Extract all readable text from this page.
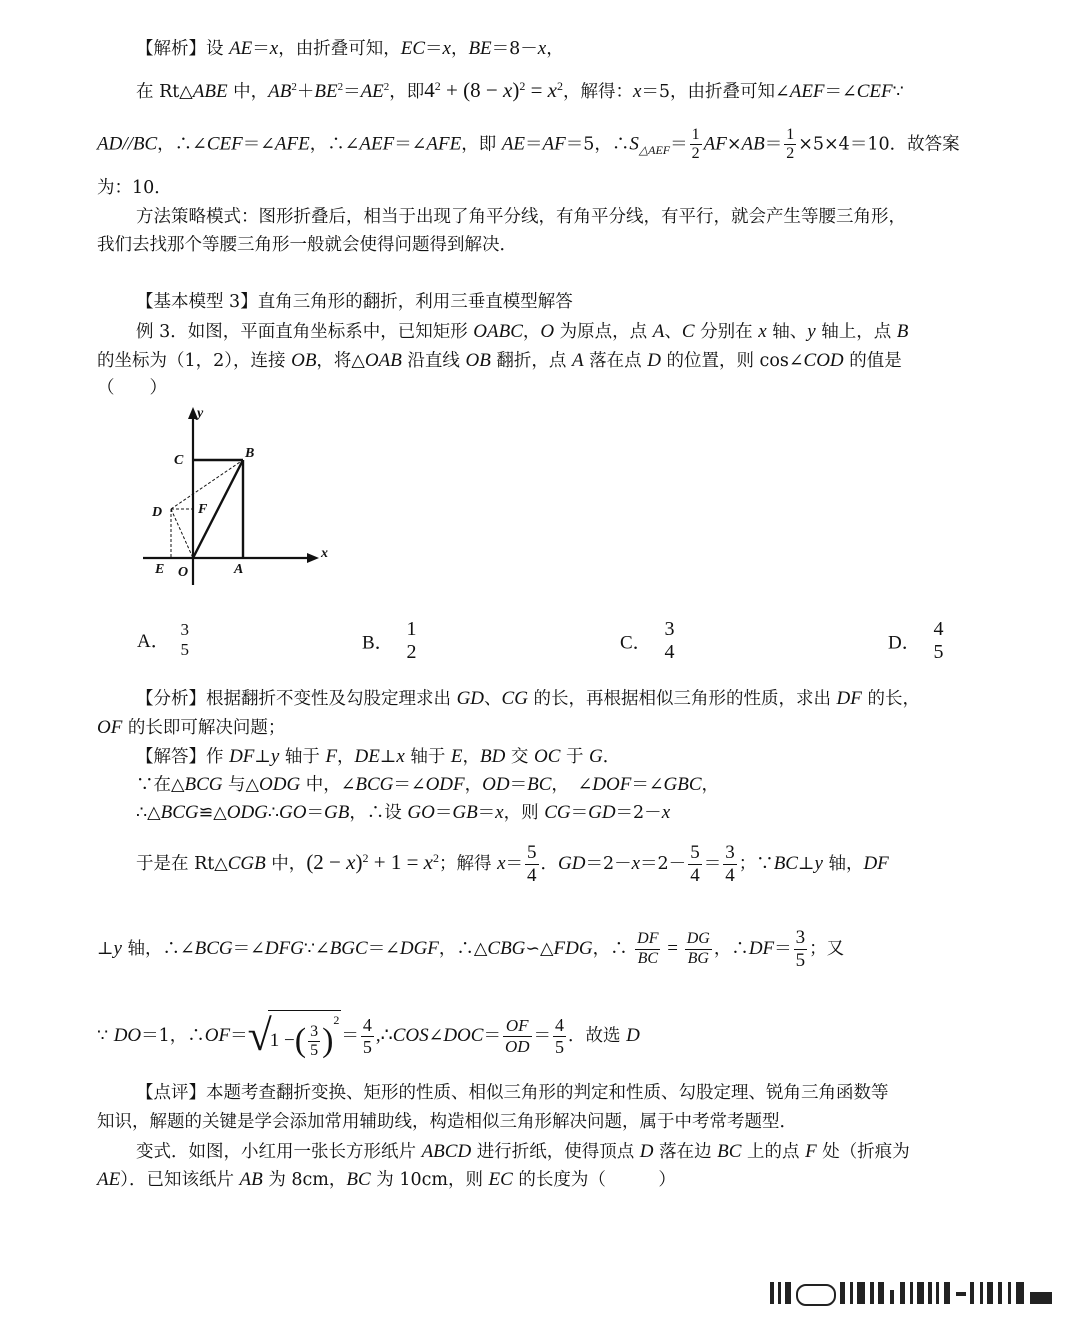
【解析】设 AE＝x，由折叠可知，EC＝x，BE＝8－x，
在 Rt△ABE 中，$AB^2+BE^2=AE^2$，即$4^2 + (8 - x)^2 = x^2$，解得：x＝5，由折叠可知∠AEF＝∠CEF∵
AD//BC，∴∠CEF＝∠AFE，∴∠AEF＝∠AFE，即 AE＝AF＝5，$\therefore S_{\triangle AEF}= \frac{1}{2} AF\times AB= \frac{1}{2} \times 5\times 4=10$．故答案
为：10．
方法策略模式：图形折叠后，相当于出现了角平分线，有角平分线，有平行，就会产生等腰三角形，
我们去找那个等腰三角形一般就会使得问题得到解决．
【基本模型 3】直角三角形的翻折，利用三垂直模型解答
例 3．如图，平面直角坐标系中，已知矩形 OABC，O 为原点，点 A、C 分别在 x 轴、y 轴上，点 B
的坐标为（1，2），连接 OB，将△OAB 沿直线 OB 翻折，点 A 落在点 D 的位置，则 cos∠COD 的值是
（　　）
y
x
C	B
D	F
E O	A
A．
3
5	B．
1
2	C．
3
4	D．
4
5
【分析】根据翻折不变性及勾股定理求出 GD、CG 的长，再根据相似三角形的性质，求出 DF 的长，
OF 的长即可解决问题；
【解答】作 DF⊥y 轴于 F，DE⊥x 轴于 E，BD 交 OC 于 G．
∵在△BCG 与△ODG 中，∠BCG＝∠ODF，OD＝BC，　∠DOF＝∠GBC，
∴△BCG≌△ODG∴GO＝GB，∴设 GO＝GB＝x，则 CG＝GD＝2－x
于是在 Rt△CGB 中，$(2 - x)^2 + 1 = x^2$；解得 $x= \frac{5}{4}$ ．$GD=2-x=2- \frac{5}{4} = \frac{3}{4}$ ；∵BC⊥y 轴，DF
⊥y 轴，∴∠BCG＝∠DFG∵∠BGC＝∠DGF，∴△CBG∽△FDG，∴ $\frac{DF}{BC} = \frac{DG}{BG}$ ，∴DF＝ $\frac{3}{5}$ ；又
∵ DO＝1，∴OF＝√1 −( $\frac{3}{5} )^2= \frac{4}{5}$ ,∴COS∠DOC＝ $\frac{OF}{OD} = \frac{4}{5}$ ．故选 D
【点评】本题考查翻折变换、矩形的性质、相似三角形的判定和性质、勾股定理、锐角三角函数等
知识，解题的关键是学会添加常用辅助线，构造相似三角形解决问题，属于中考常考题型．
变式．如图，小红用一张长方形纸片 ABCD 进行折纸，使得顶点 D 落在边 BC 上的点 F 处（折痕为
AE）．已知该纸片 AB 为 8cm，BC 为 10cm，则 EC 的长度为（　　　）
